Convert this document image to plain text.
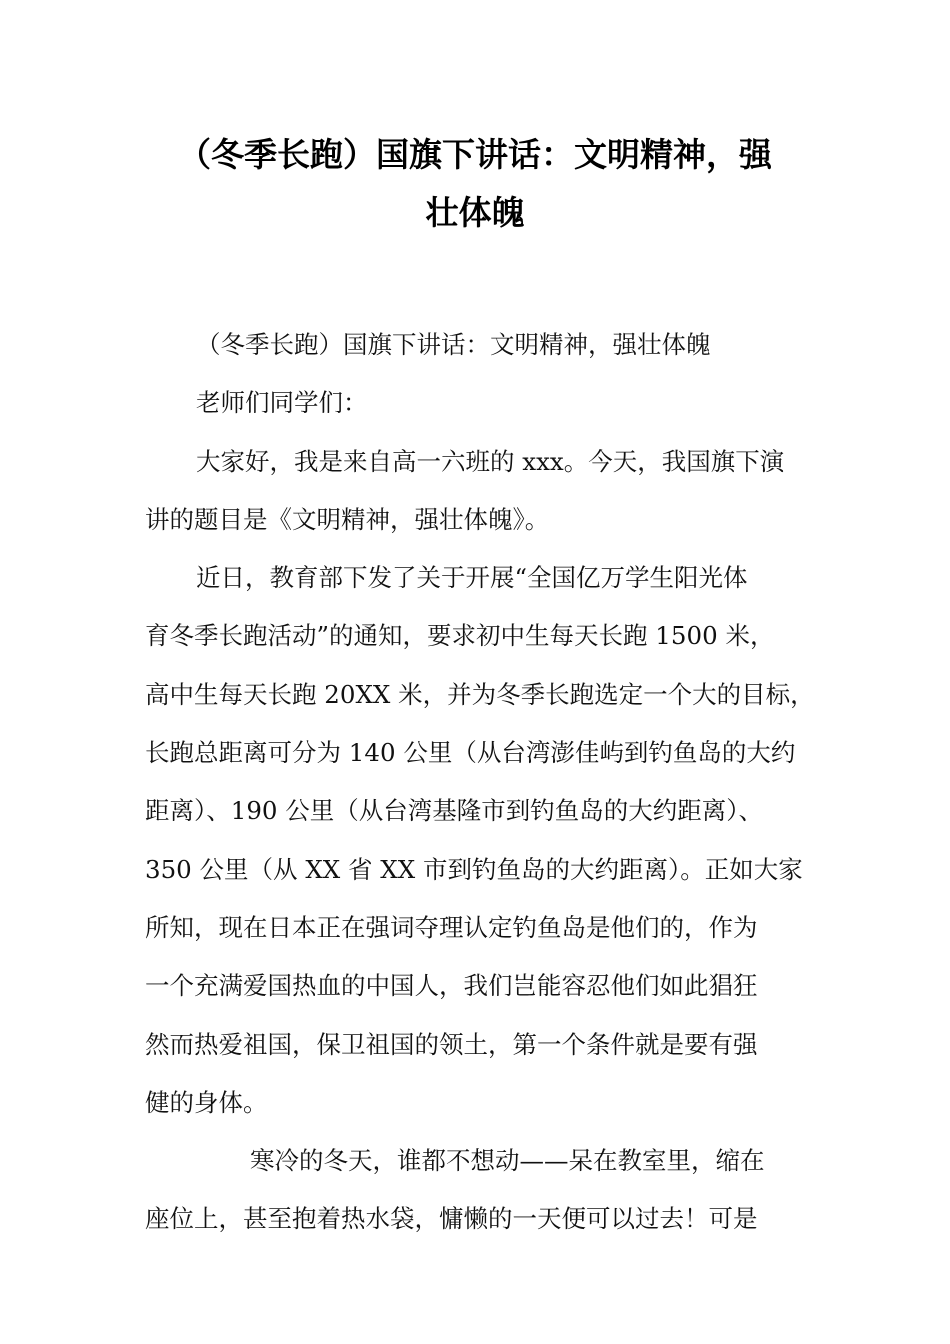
（冬季长跑）国旗下讲话：文明精神，强
壮体魄
（冬季长跑）国旗下讲话：文明精神，强壮体魄
老师们同学们：
大家好，我是来自高一六班的 xxx。今天，我国旗下演
讲的题目是《文明精神，强壮体魄》。
近日，教育部下发了关于开展“全国亿万学生阳光体
育冬季长跑活动”的通知，要求初中生每天长跑 1500 米，
高中生每天长跑 20XX 米，并为冬季长跑选定一个大的目标，
长跑总距离可分为 140 公里（从台湾澎佳屿到钓鱼岛的大约
距离）、190 公里（从台湾基隆市到钓鱼岛的大约距离）、
350 公里（从 XX 省 XX 市到钓鱼岛的大约距离）。正如大家
所知，现在日本正在强词夺理认定钓鱼岛是他们的，作为
一个充满爱国热血的中国人，我们岂能容忍他们如此猖狂
然而热爱祖国，保卫祖国的领土，第一个条件就是要有强
健的身体。
寒冷的冬天，谁都不想动——呆在教室里，缩在
座位上，甚至抱着热水袋，慵懒的一天便可以过去！可是
